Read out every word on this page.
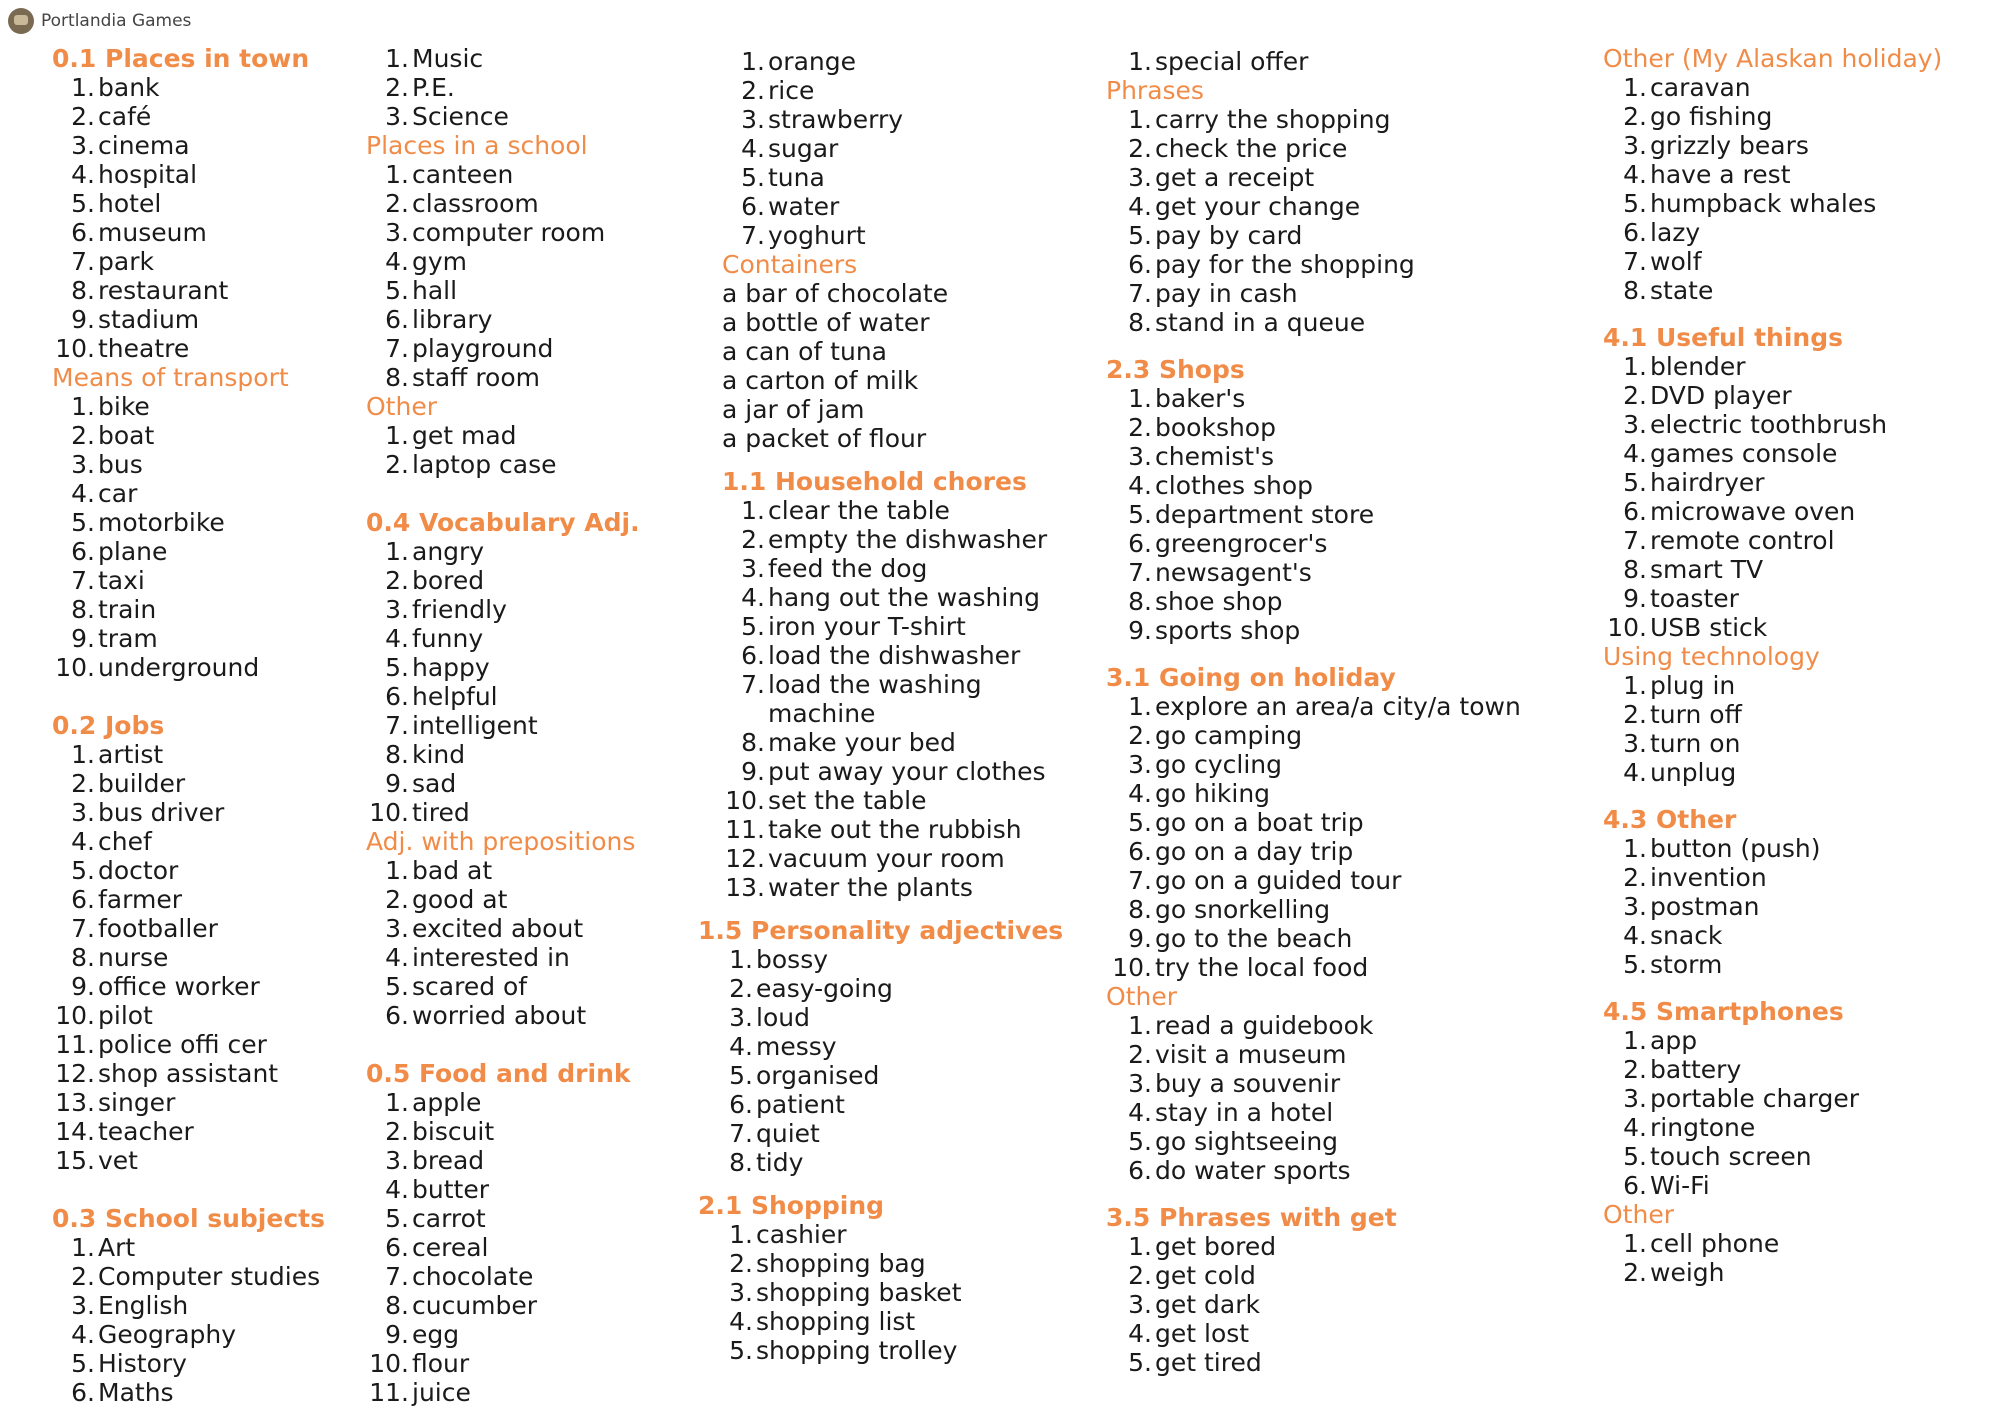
Portlandia Games
0.1 Places in town
1. bank
2. café
3. cinema
4. hospital
5. hotel
6. museum
7. park
8. restaurant
9. stadium
10. theatre
Means of transport
1. bike
2. boat
3. bus
4. car
5. motorbike
6. plane
7. taxi
8. train
9. tram
10. underground
0.2 Jobs
1. artist
2. builder
3. bus driver
4. chef
5. doctor
6. farmer
7. footballer
8. nurse
9. office worker
10. pilot
11. police offi cer
12. shop assistant
13. singer
14. teacher
15. vet
0.3 School subjects
1. Art
2. Computer studies
3. English
4. Geography
5. History
6. Maths
1. Music
2. P.E.
3. Science
Places in a school
1. canteen
2. classroom
3. computer room
4. gym
5. hall
6. library
7. playground
8. staff room
Other
1. get mad
2. laptop case
0.4 Vocabulary Adj.
1. angry
2. bored
3. friendly
4. funny
5. happy
6. helpful
7. intelligent
8. kind
9. sad
10. tired
Adj. with prepositions
1. bad at
2. good at
3. excited about
4. interested in
5. scared of
6. worried about
0.5 Food and drink
1. apple
2. biscuit
3. bread
4. butter
5. carrot
6. cereal
7. chocolate
8. cucumber
9. egg
10. flour
11. juice
1. orange
2. rice
3. strawberry
4. sugar
5. tuna
6. water
7. yoghurt
Containers
a bar of chocolate
a bottle of water
a can of tuna
a carton of milk
a jar of jam
a packet of flour
1.1 Household chores
1. clear the table
2. empty the dishwasher
3. feed the dog
4. hang out the washing
5. iron your T-shirt
6. load the dishwasher
7. load the washing
machine
8. make your bed
9. put away your clothes
10. set the table
11. take out the rubbish
12. vacuum your room
13. water the plants
1.5 Personality adjectives
1. bossy
2. easy-going
3. loud
4. messy
5. organised
6. patient
7. quiet
8. tidy
2.1 Shopping
1. cashier
2. shopping bag
3. shopping basket
4. shopping list
5. shopping trolley
1. special offer
Phrases
1. carry the shopping
2. check the price
3. get a receipt
4. get your change
5. pay by card
6. pay for the shopping
7. pay in cash
8. stand in a queue
2.3 Shops
1. baker's
2. bookshop
3. chemist's
4. clothes shop
5. department store
6. greengrocer's
7. newsagent's
8. shoe shop
9. sports shop
3.1 Going on holiday
1. explore an area/a city/a town
2. go camping
3. go cycling
4. go hiking
5. go on a boat trip
6. go on a day trip
7. go on a guided tour
8. go snorkelling
9. go to the beach
10. try the local food
Other
1. read a guidebook
2. visit a museum
3. buy a souvenir
4. stay in a hotel
5. go sightseeing
6. do water sports
3.5 Phrases with get
1. get bored
2. get cold
3. get dark
4. get lost
5. get tired
Other (My Alaskan holiday)
1. caravan
2. go fishing
3. grizzly bears
4. have a rest
5. humpback whales
6. lazy
7. wolf
8. state
4.1 Useful things
1. blender
2. DVD player
3. electric toothbrush
4. games console
5. hairdryer
6. microwave oven
7. remote control
8. smart TV
9. toaster
10. USB stick
Using technology
1. plug in
2. turn off
3. turn on
4. unplug
4.3 Other
1. button (push)
2. invention
3. postman
4. snack
5. storm
4.5 Smartphones
1. app
2. battery
3. portable charger
4. ringtone
5. touch screen
6. Wi-Fi
Other
1. cell phone
2. weigh
